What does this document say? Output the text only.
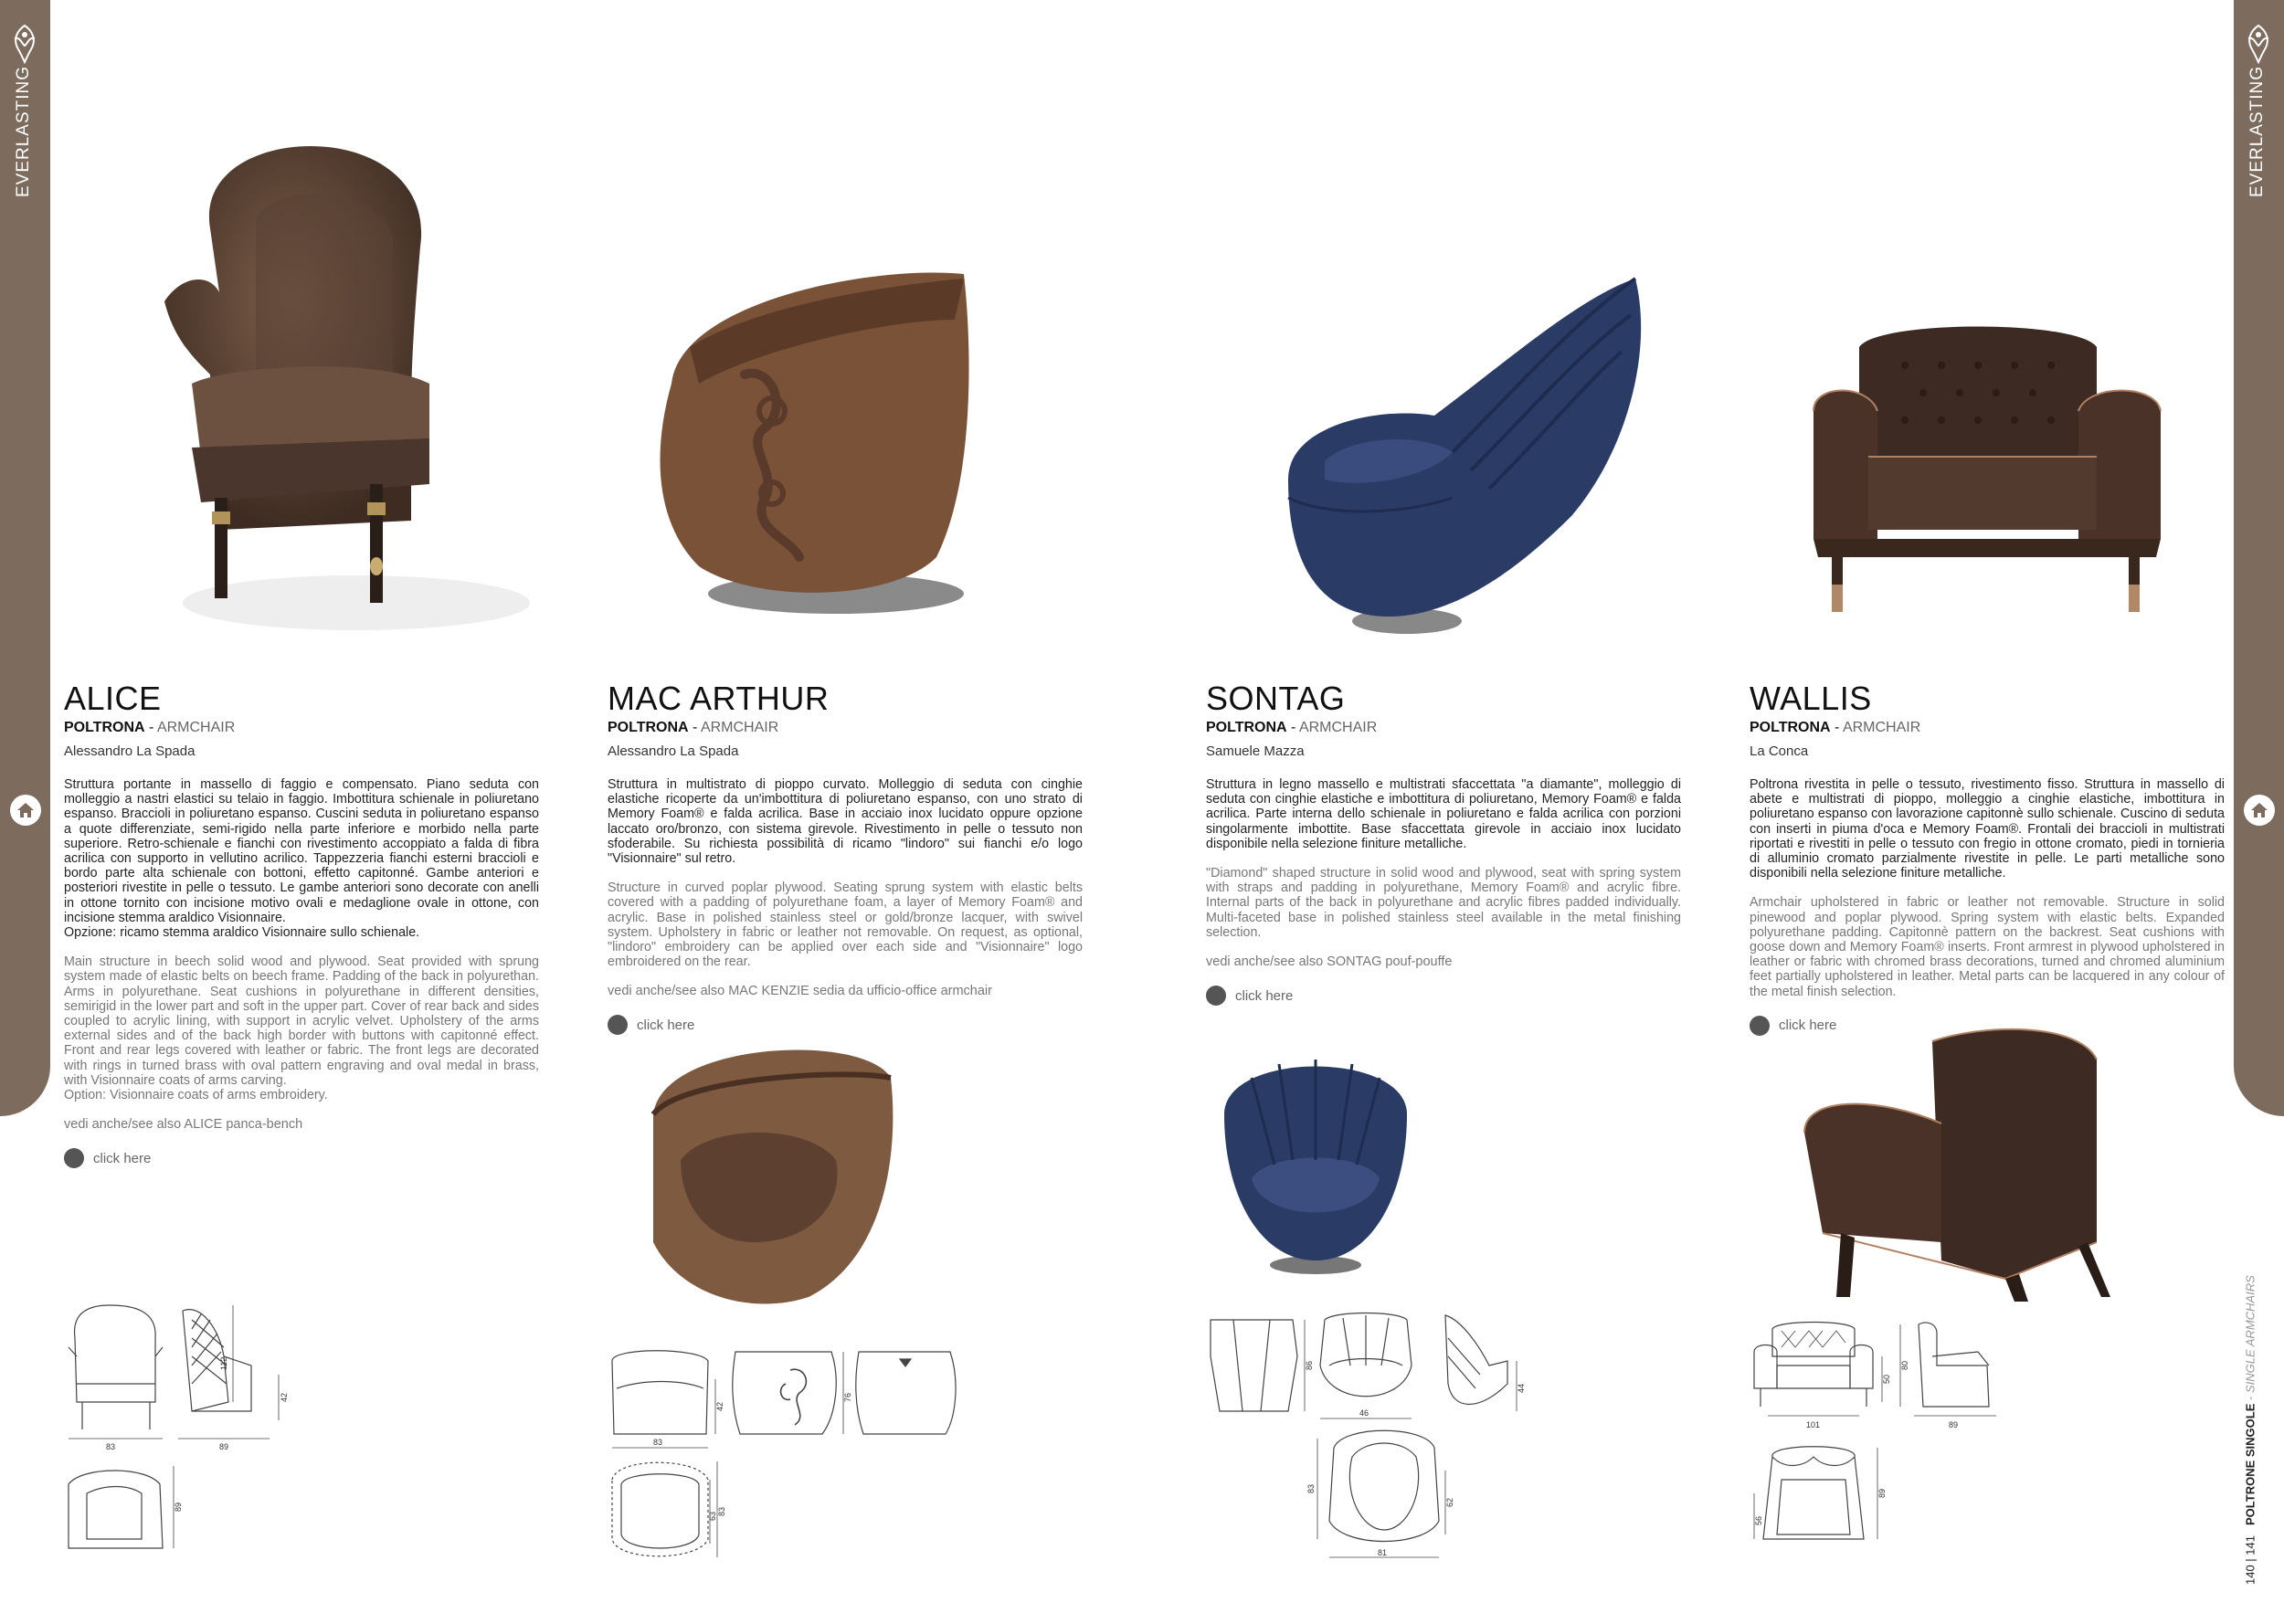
EVERLASTING	EVERLASTING
140 | 141

POLTRONE SINGOLE

- SINGLE ARMCHAIRS
ALICE
POLTRONA - ARMCHAIR
Alessandro La Spada
Struttura portante in massello di faggio e compensato. Piano seduta con molleggio a nastri elastici su telaio in faggio. Imbottitura schienale in poliuretano espanso. Braccioli in poliuretano espanso. Cuscini seduta in poliuretano espanso a quote differenziate, semi-rigido nella parte inferiore e morbido nella parte superiore. Retro-schienale e fianchi con rivestimento accoppiato a falda di fibra acrilica con supporto in vellutino acrilico. Tappezzeria fianchi esterni braccioli e bordo parte alta schienale con bottoni, effetto capitonné. Gambe anteriori e posteriori rivestite in pelle o tessuto. Le gambe anteriori sono decorate con anelli in ottone tornito con incisione motivo ovali e medaglione ovale in ottone, con incisione stemma araldico Visionnaire.
Opzione: ricamo stemma araldico Visionnaire sullo schienale.
Main structure in beech solid wood and plywood. Seat provided with sprung system made of elastic belts on beech frame. Padding of the back in polyurethan. Arms in polyurethane. Seat cushions in polyurethane in different densities, semirigid in the lower part and soft in the upper part. Cover of rear back and sides coupled to acrylic lining, with support in acrylic velvet. Upholstery of the arms external sides and of the back high border with buttons with capitonné effect. Front and rear legs covered with leather or fabric. The front legs are decorated with rings in turned brass with oval pattern engraving and oval medal in brass, with Visionnaire coats of arms carving.
Option: Visionnaire coats of arms embroidery.
vedi anche/see also ALICE panca-bench
click here
83
112
42
89
89
MAC ARTHUR
POLTRONA - ARMCHAIR
Alessandro La Spada
Struttura in multistrato di pioppo curvato. Molleggio di seduta con cinghie elastiche ricoperte da un'imbottitura di poliuretano espanso, con uno strato di Memory Foam® e falda acrilica. Base in acciaio inox lucidato oppure opzione laccato oro/bronzo, con sistema girevole. Rivestimento in pelle o tessuto non sfoderabile. Su richiesta possibilità di ricamo "lindoro" sui fianchi e/o logo "Visionnaire" sul retro.
Structure in curved poplar plywood. Seating sprung system with elastic belts covered with a padding of polyurethane foam, a layer of Memory Foam® and acrylic. Base in polished stainless steel or gold/bronze lacquer, with swivel system. Upholstery in fabric or leather not removable. On request, as optional, "lindoro" embroidery can be applied over each side and "Visionnaire" logo embroidered on the rear.
vedi anche/see also MAC KENZIE sedia da ufficio-office armchair
click here
83
42
76
83
63
SONTAG
POLTRONA - ARMCHAIR
Samuele Mazza
Struttura in legno massello e multistrati sfaccettata "a diamante", molleggio di seduta con cinghie elastiche e imbottitura di poliuretano, Memory Foam® e falda acrilica. Parte interna dello schienale in poliuretano e falda acrilica con porzioni singolarmente imbottite. Base sfaccettata girevole in acciaio inox lucidato disponibile nella selezione finiture metalliche.
"Diamond" shaped structure in solid wood and plywood, seat with spring system with straps and padding in polyurethane, Memory Foam® and acrylic fibre. Internal parts of the back in polyurethane and acrylic fibres padded individually. Multi-faceted base in polished stainless steel available in the metal finishing selection.
vedi anche/see also SONTAG pouf-pouffe
click here
86
46
44
83
62
81
WALLIS
POLTRONA - ARMCHAIR
La Conca
Poltrona rivestita in pelle o tessuto, rivestimento fisso. Struttura in massello di abete e multistrati di pioppo, molleggio a cinghie elastiche, imbottitura in poliuretano espanso con lavorazione capitonnè sullo schienale. Cuscino di seduta con inserti in piuma d'oca e Memory Foam®. Frontali dei braccioli in multistrati riportati e rivestiti in pelle o tessuto con fregio in ottone cromato, piedi in tornieria di alluminio cromato parzialmente rivestite in pelle. Le parti metalliche sono disponibili nella selezione finiture metalliche.
Armchair upholstered in fabric or leather not removable. Structure in solid pinewood and poplar plywood. Spring system with elastic belts. Expanded polyurethane padding. Capitonnè pattern on the backrest. Seat cushions with goose down and Memory Foam® inserts. Front armrest in plywood upholstered in leather or fabric with chromed brass decorations, turned and chromed aluminium feet partially upholstered in leather. Metal parts can be lacquered in any colour of the metal finish selection.
click here
101
50
80
89
56
89
